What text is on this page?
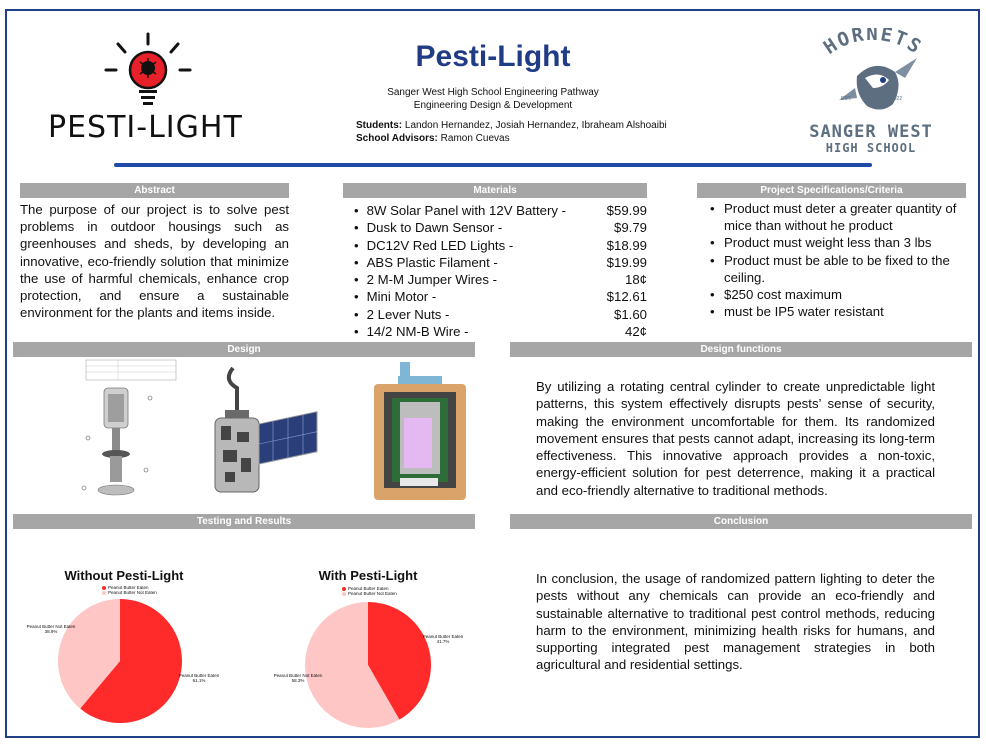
PESTI-LIGHT
Pesti-Light
Sanger West High School Engineering Pathway
Engineering Design & Development
Students: Landon Hernandez, Josiah Hernandez, Ibraheam Alshoaibi
School Advisors: Ramon Cuevas
HORNETS
EST.	2022
SANGER WEST
HIGH SCHOOL
Abstract
The purpose of our project is to solve pest problems in outdoor housings such as greenhouses and sheds, by developing an innovative, eco-friendly solution that minimize the use of harmful chemicals, enhance crop protection, and ensure a sustainable environment for the plants and items inside.
Materials
• 8W Solar Panel with 12V Battery -	$59.99
• Dusk to Dawn Sensor -	$9.79
• DC12V Red LED Lights -	$18.99
• ABS Plastic Filament -	$19.99
• 2 M-M Jumper Wires -	18¢
• Mini Motor -	$12.61
• 2 Lever Nuts -	$1.60
• 14/2 NM-B Wire -	42¢
Project Specifications/Criteria
• Product must deter a greater quantity of mice than without he product
• Product must weight less than 3 lbs
• Product must be able to be fixed to the ceiling.
• $250 cost maximum
• must be IP5 water resistant
Design	Design functions
By utilizing a rotating central cylinder to create unpredictable light patterns, this system effectively disrupts pests’ sense of security, making the environment uncomfortable for them. Its randomized movement ensures that pests cannot adapt, increasing its long-term effectiveness. This innovative approach provides a non-toxic, energy-efficient solution for pest deterrence, making it a practical and eco-friendly alternative to traditional methods.
Testing and Results
Without Pesti-Light
Peanut Butter Eaten
Peanut Butter Not Eaten
Peanut Butter Not Eaten
38.9%
Peanut Butter Eaten
61.1%
With Pesti-Light
Peanut Butter Eaten
Peanut Butter Not Eaten
Peanut Butter Eaten
41.7%
Peanut Butter Not Eaten
58.3%
Conclusion
In conclusion, the usage of randomized pattern lighting to deter the pests without any chemicals can provide an eco-friendly and sustainable alternative to traditional pest control methods, reducing harm to the environment, minimizing health risks for humans, and supporting integrated pest management strategies in both agricultural and residential settings.
